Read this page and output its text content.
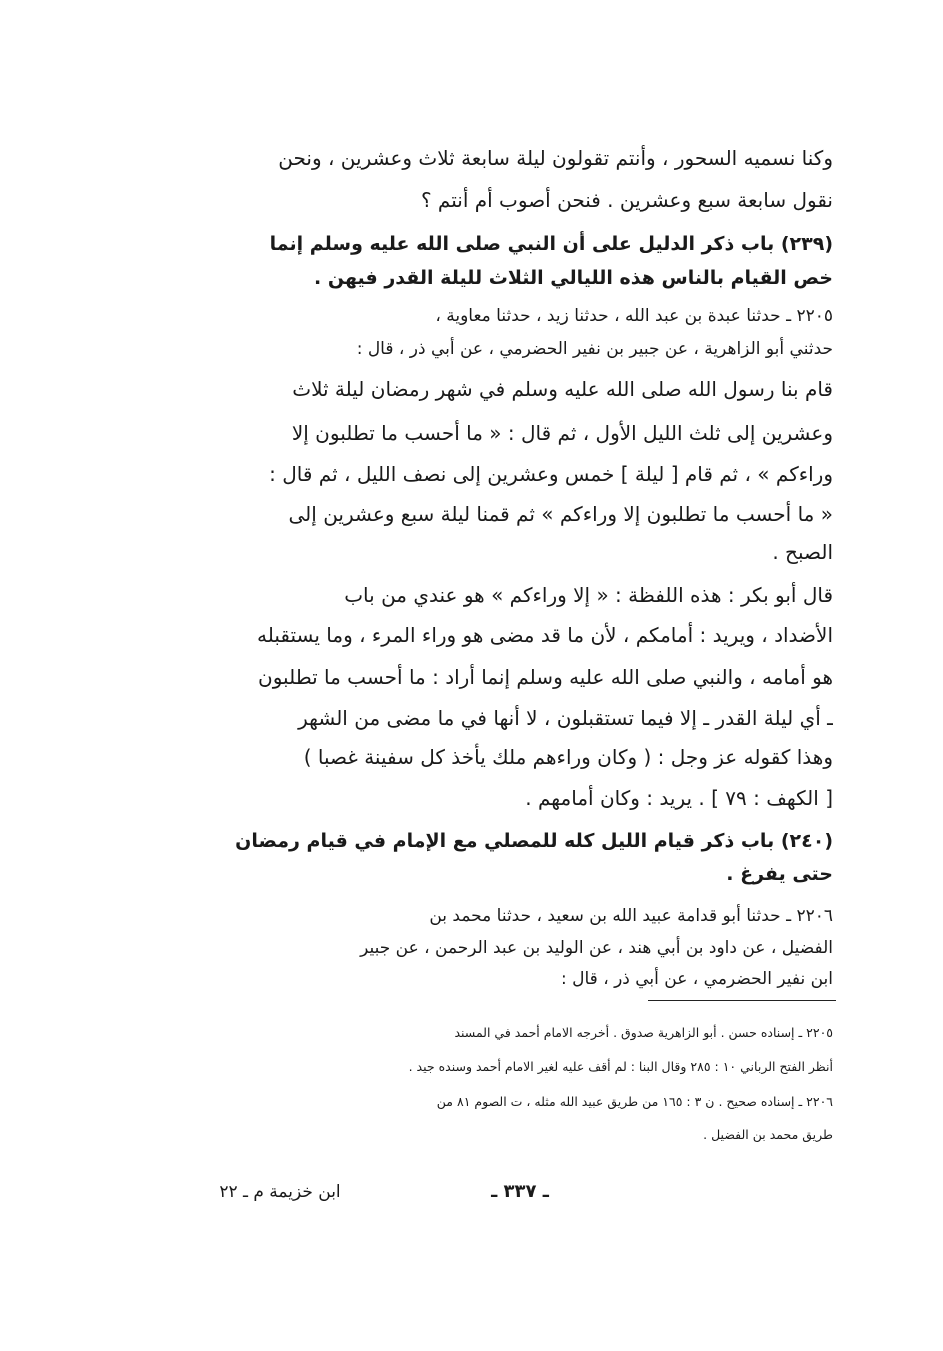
وكنا نسميه السحور ، وأنتم تقولون ليلة سابعة ثلاث وعشرين ، ونحن
نقول سابعة سبع وعشرين . فنحن أصوب أم أنتم ؟
(٢٣٩) باب ذكر الدليل على أن النبي صلى الله عليه وسلم إنما
خص القيام بالناس هذه الليالي الثلاث لليلة القدر فيهن .
٢٢٠٥ ـ حدثنا عبدة بن عبد الله ، حدثنا زيد ، حدثنا معاوية ،
حدثني أبو الزاهرية ، عن جبير بن نفير الحضرمي ، عن أبي ذر ، قال :
قام بنا رسول الله صلى الله عليه وسلم في شهر رمضان ليلة ثلاث
وعشرين إلى ثلث الليل الأول ، ثم قال : « ما أحسب ما تطلبون إلا
وراءكم » ، ثم قام [ ليلة ] خمس وعشرين إلى نصف الليل ، ثم قال :
« ما أحسب ما تطلبون إلا وراءكم » ثم قمنا ليلة سبع وعشرين إلى
الصبح .
قال أبو بكر : هذه اللفظة : « إلا وراءكم » هو عندي من باب
الأضداد ، ويريد : أمامكم ، لأن ما قد مضى هو وراء المرء ، وما يستقبله
هو أمامه ، والنبي صلى الله عليه وسلم إنما أراد : ما أحسب ما تطلبون
ـ أي ليلة القدر ـ إلا فيما تستقبلون ، لا أنها في ما مضى من الشهر
وهذا كقوله عز وجل : ( وكان وراءهم ملك يأخذ كل سفينة غصبا )
[ الكهف : ٧٩ ] . يريد : وكان أمامهم .
(٢٤٠) باب ذكر قيام الليل كله للمصلي مع الإمام في قيام رمضان
حتى يفرغ .
٢٢٠٦ ـ حدثنا أبو قدامة عبيد الله بن سعيد ، حدثنا محمد بن
الفضيل ، عن داود بن أبي هند ، عن الوليد بن عبد الرحمن ، عن جبير
ابن نفير الحضرمي ، عن أبي ذر ، قال :
٢٢٠٥ ـ إسناده حسن . أبو الزاهرية صدوق . أخرجه الامام أحمد في المسند
أنظر الفتح الرباني ١٠ : ٢٨٥ وقال البنا : لم أقف عليه لغير الامام أحمد وسنده جيد .
٢٢٠٦ ـ إسناده صحيح . ن ٣ : ١٦٥ من طريق عبيد الله مثله ، ت الصوم ٨١ من
طريق محمد بن الفضيل .
ابن خزيمة م ـ ٢٢	ـ ٣٣٧ ـ
